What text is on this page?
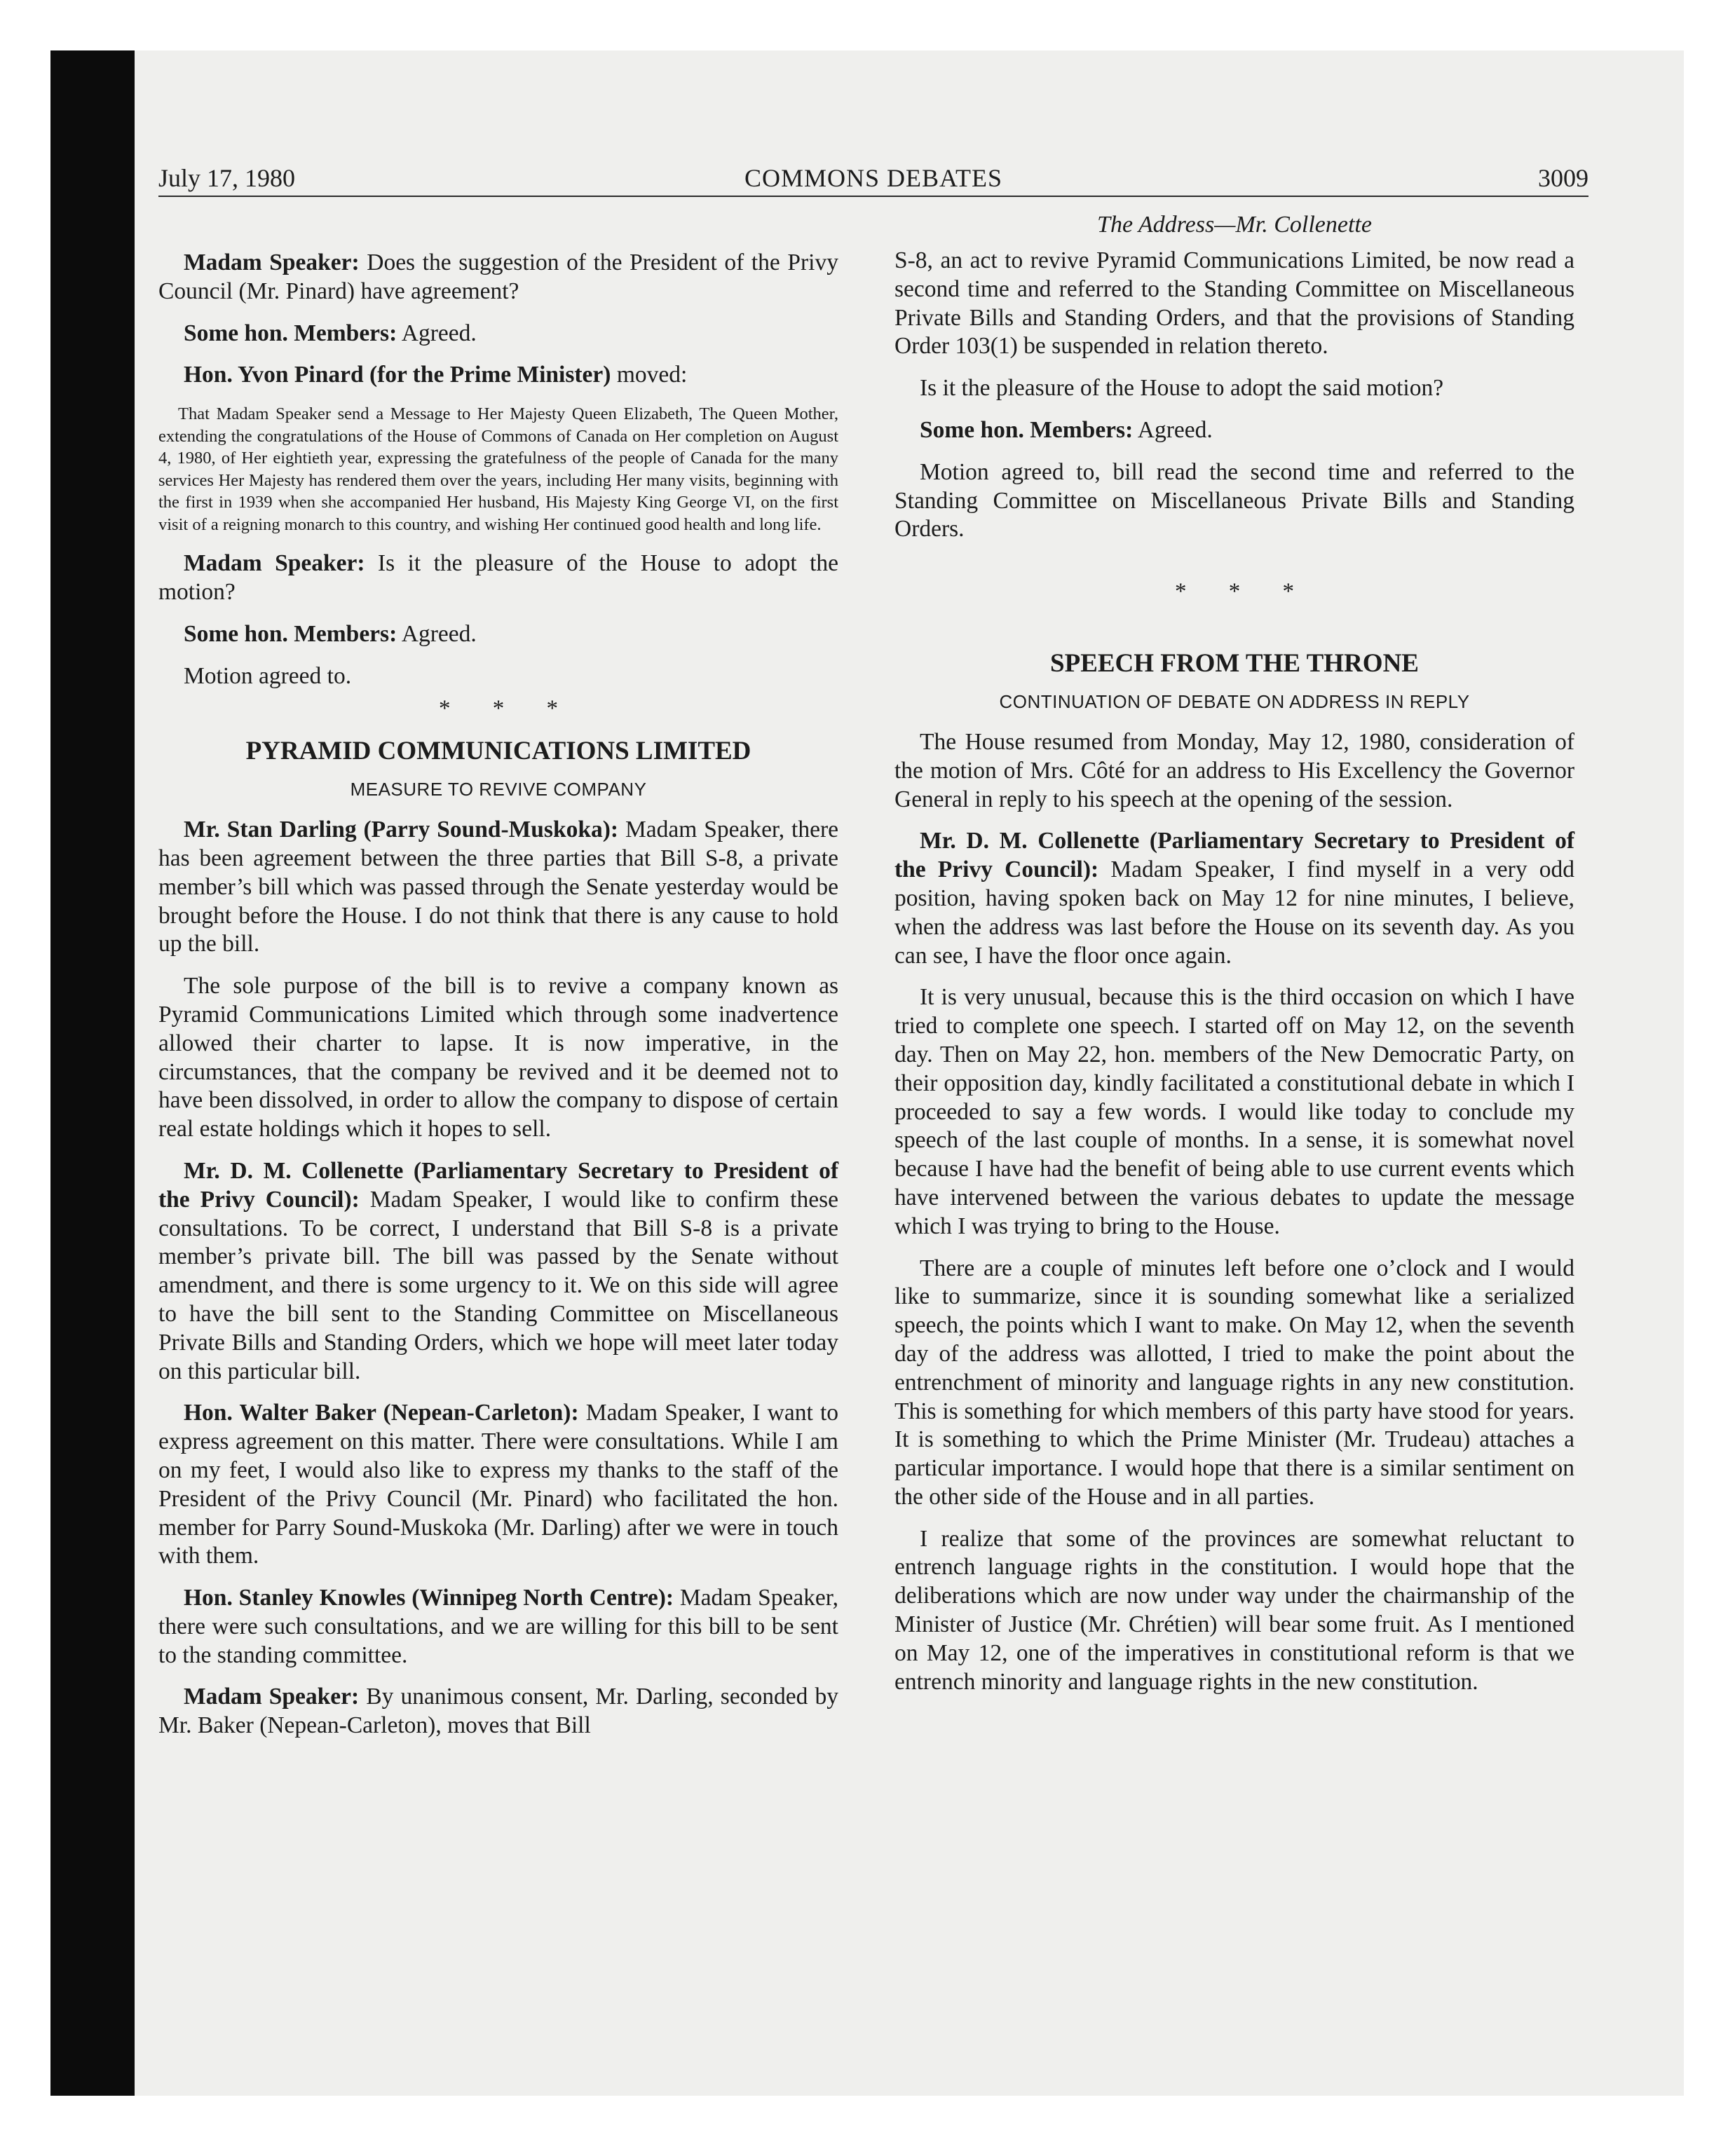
July 17, 1980	COMMONS DEBATES	3009

Madam Speaker: Does the suggestion of the President of the Privy Council (Mr. Pinard) have agreement?

Some hon. Members: Agreed.

Hon. Yvon Pinard (for the Prime Minister) moved:

That Madam Speaker send a Message to Her Majesty Queen Elizabeth, The Queen Mother, extending the congratulations of the House of Commons of Canada on Her completion on August 4, 1980, of Her eightieth year, expressing the gratefulness of the people of Canada for the many services Her Majesty has rendered them over the years, including Her many visits, beginning with the first in 1939 when she accompanied Her husband, His Majesty King George VI, on the first visit of a reigning monarch to this country, and wishing Her continued good health and long life.

Madam Speaker: Is it the pleasure of the House to adopt the motion?

Some hon. Members: Agreed.

Motion agreed to.

* * *
PYRAMID COMMUNICATIONS LIMITED
MEASURE TO REVIVE COMPANY

Mr. Stan Darling (Parry Sound-Muskoka): Madam Speaker, there has been agreement between the three parties that Bill S-8, a private member’s bill which was passed through the Senate yesterday would be brought before the House. I do not think that there is any cause to hold up the bill.

The sole purpose of the bill is to revive a company known as Pyramid Communications Limited which through some inadvertence allowed their charter to lapse. It is now imperative, in the circumstances, that the company be revived and it be deemed not to have been dissolved, in order to allow the company to dispose of certain real estate holdings which it hopes to sell.

Mr. D. M. Collenette (Parliamentary Secretary to President of the Privy Council): Madam Speaker, I would like to confirm these consultations. To be correct, I understand that Bill S-8 is a private member’s private bill. The bill was passed by the Senate without amendment, and there is some urgency to it. We on this side will agree to have the bill sent to the Standing Committee on Miscellaneous Private Bills and Standing Orders, which we hope will meet later today on this particular bill.

Hon. Walter Baker (Nepean-Carleton): Madam Speaker, I want to express agreement on this matter. There were consultations. While I am on my feet, I would also like to express my thanks to the staff of the President of the Privy Council (Mr. Pinard) who facilitated the hon. member for Parry Sound-Muskoka (Mr. Darling) after we were in touch with them.

Hon. Stanley Knowles (Winnipeg North Centre): Madam Speaker, there were such consultations, and we are willing for this bill to be sent to the standing committee.

Madam Speaker: By unanimous consent, Mr. Darling, seconded by Mr. Baker (Nepean-Carleton), moves that Bill

The Address—Mr. Collenette

S-8, an act to revive Pyramid Communications Limited, be now read a second time and referred to the Standing Committee on Miscellaneous Private Bills and Standing Orders, and that the provisions of Standing Order 103(1) be suspended in relation thereto.

Is it the pleasure of the House to adopt the said motion?

Some hon. Members: Agreed.

Motion agreed to, bill read the second time and referred to the Standing Committee on Miscellaneous Private Bills and Standing Orders.

* * *
SPEECH FROM THE THRONE
CONTINUATION OF DEBATE ON ADDRESS IN REPLY

The House resumed from Monday, May 12, 1980, consideration of the motion of Mrs. Côté for an address to His Excellency the Governor General in reply to his speech at the opening of the session.

Mr. D. M. Collenette (Parliamentary Secretary to President of the Privy Council): Madam Speaker, I find myself in a very odd position, having spoken back on May 12 for nine minutes, I believe, when the address was last before the House on its seventh day. As you can see, I have the floor once again.

It is very unusual, because this is the third occasion on which I have tried to complete one speech. I started off on May 12, on the seventh day. Then on May 22, hon. members of the New Democratic Party, on their opposition day, kindly facilitated a constitutional debate in which I proceeded to say a few words. I would like today to conclude my speech of the last couple of months. In a sense, it is somewhat novel because I have had the benefit of being able to use current events which have intervened between the various debates to update the message which I was trying to bring to the House.

There are a couple of minutes left before one o’clock and I would like to summarize, since it is sounding somewhat like a serialized speech, the points which I want to make. On May 12, when the seventh day of the address was allotted, I tried to make the point about the entrenchment of minority and language rights in any new constitution. This is something for which members of this party have stood for years. It is something to which the Prime Minister (Mr. Trudeau) attaches a particular importance. I would hope that there is a similar sentiment on the other side of the House and in all parties.

I realize that some of the provinces are somewhat reluctant to entrench language rights in the constitution. I would hope that the deliberations which are now under way under the chairmanship of the Minister of Justice (Mr. Chrétien) will bear some fruit. As I mentioned on May 12, one of the imperatives in constitutional reform is that we entrench minority and language rights in the new constitution.
